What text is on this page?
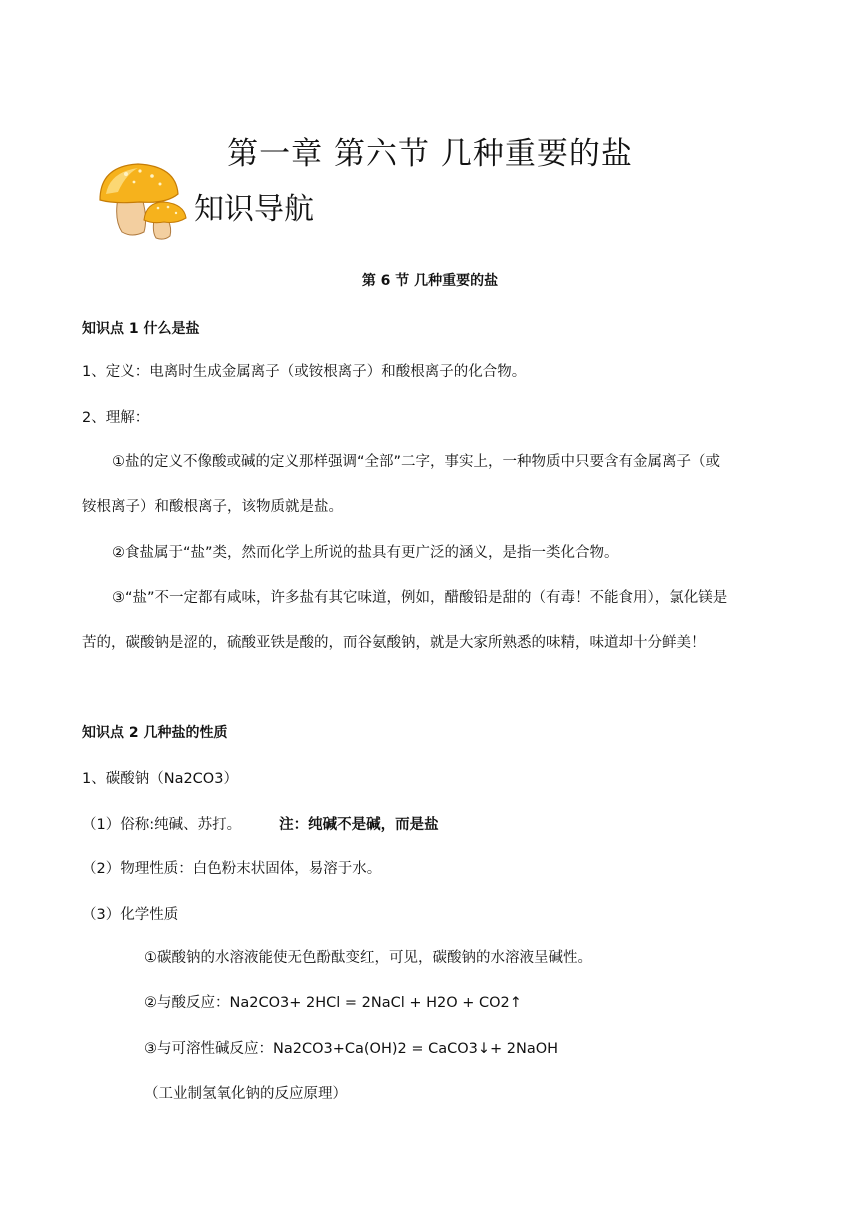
第一章 第六节 几种重要的盐
知识导航
第 6 节 几种重要的盐
知识点 1 什么是盐
1、定义：电离时生成金属离子（或铵根离子）和酸根离子的化合物。
2、理解：
①盐的定义不像酸或碱的定义那样强调“全部”二字，事实上，一种物质中只要含有金属离子（或
铵根离子）和酸根离子，该物质就是盐。
②食盐属于“盐”类，然而化学上所说的盐具有更广泛的涵义，是指一类化合物。
③“盐”不一定都有咸味，许多盐有其它味道，例如，醋酸铅是甜的（有毒！不能食用），氯化镁是
苦的，碳酸钠是涩的，硫酸亚铁是酸的，而谷氨酸钠，就是大家所熟悉的味精，味道却十分鲜美！
知识点 2 几种盐的性质
1、碳酸钠（Na2CO3）
（1）俗称:纯碱、苏打。	注：纯碱不是碱，而是盐
（2）物理性质：白色粉末状固体，易溶于水。
（3）化学性质
①碳酸钠的水溶液能使无色酚酞变红，可见，碳酸钠的水溶液呈碱性。
②与酸反应：Na2CO3+ 2HCl = 2NaCl + H2O + CO2↑
③与可溶性碱反应：Na2CO3+Ca(OH)2 = CaCO3↓+ 2NaOH
（工业制氢氧化钠的反应原理）
